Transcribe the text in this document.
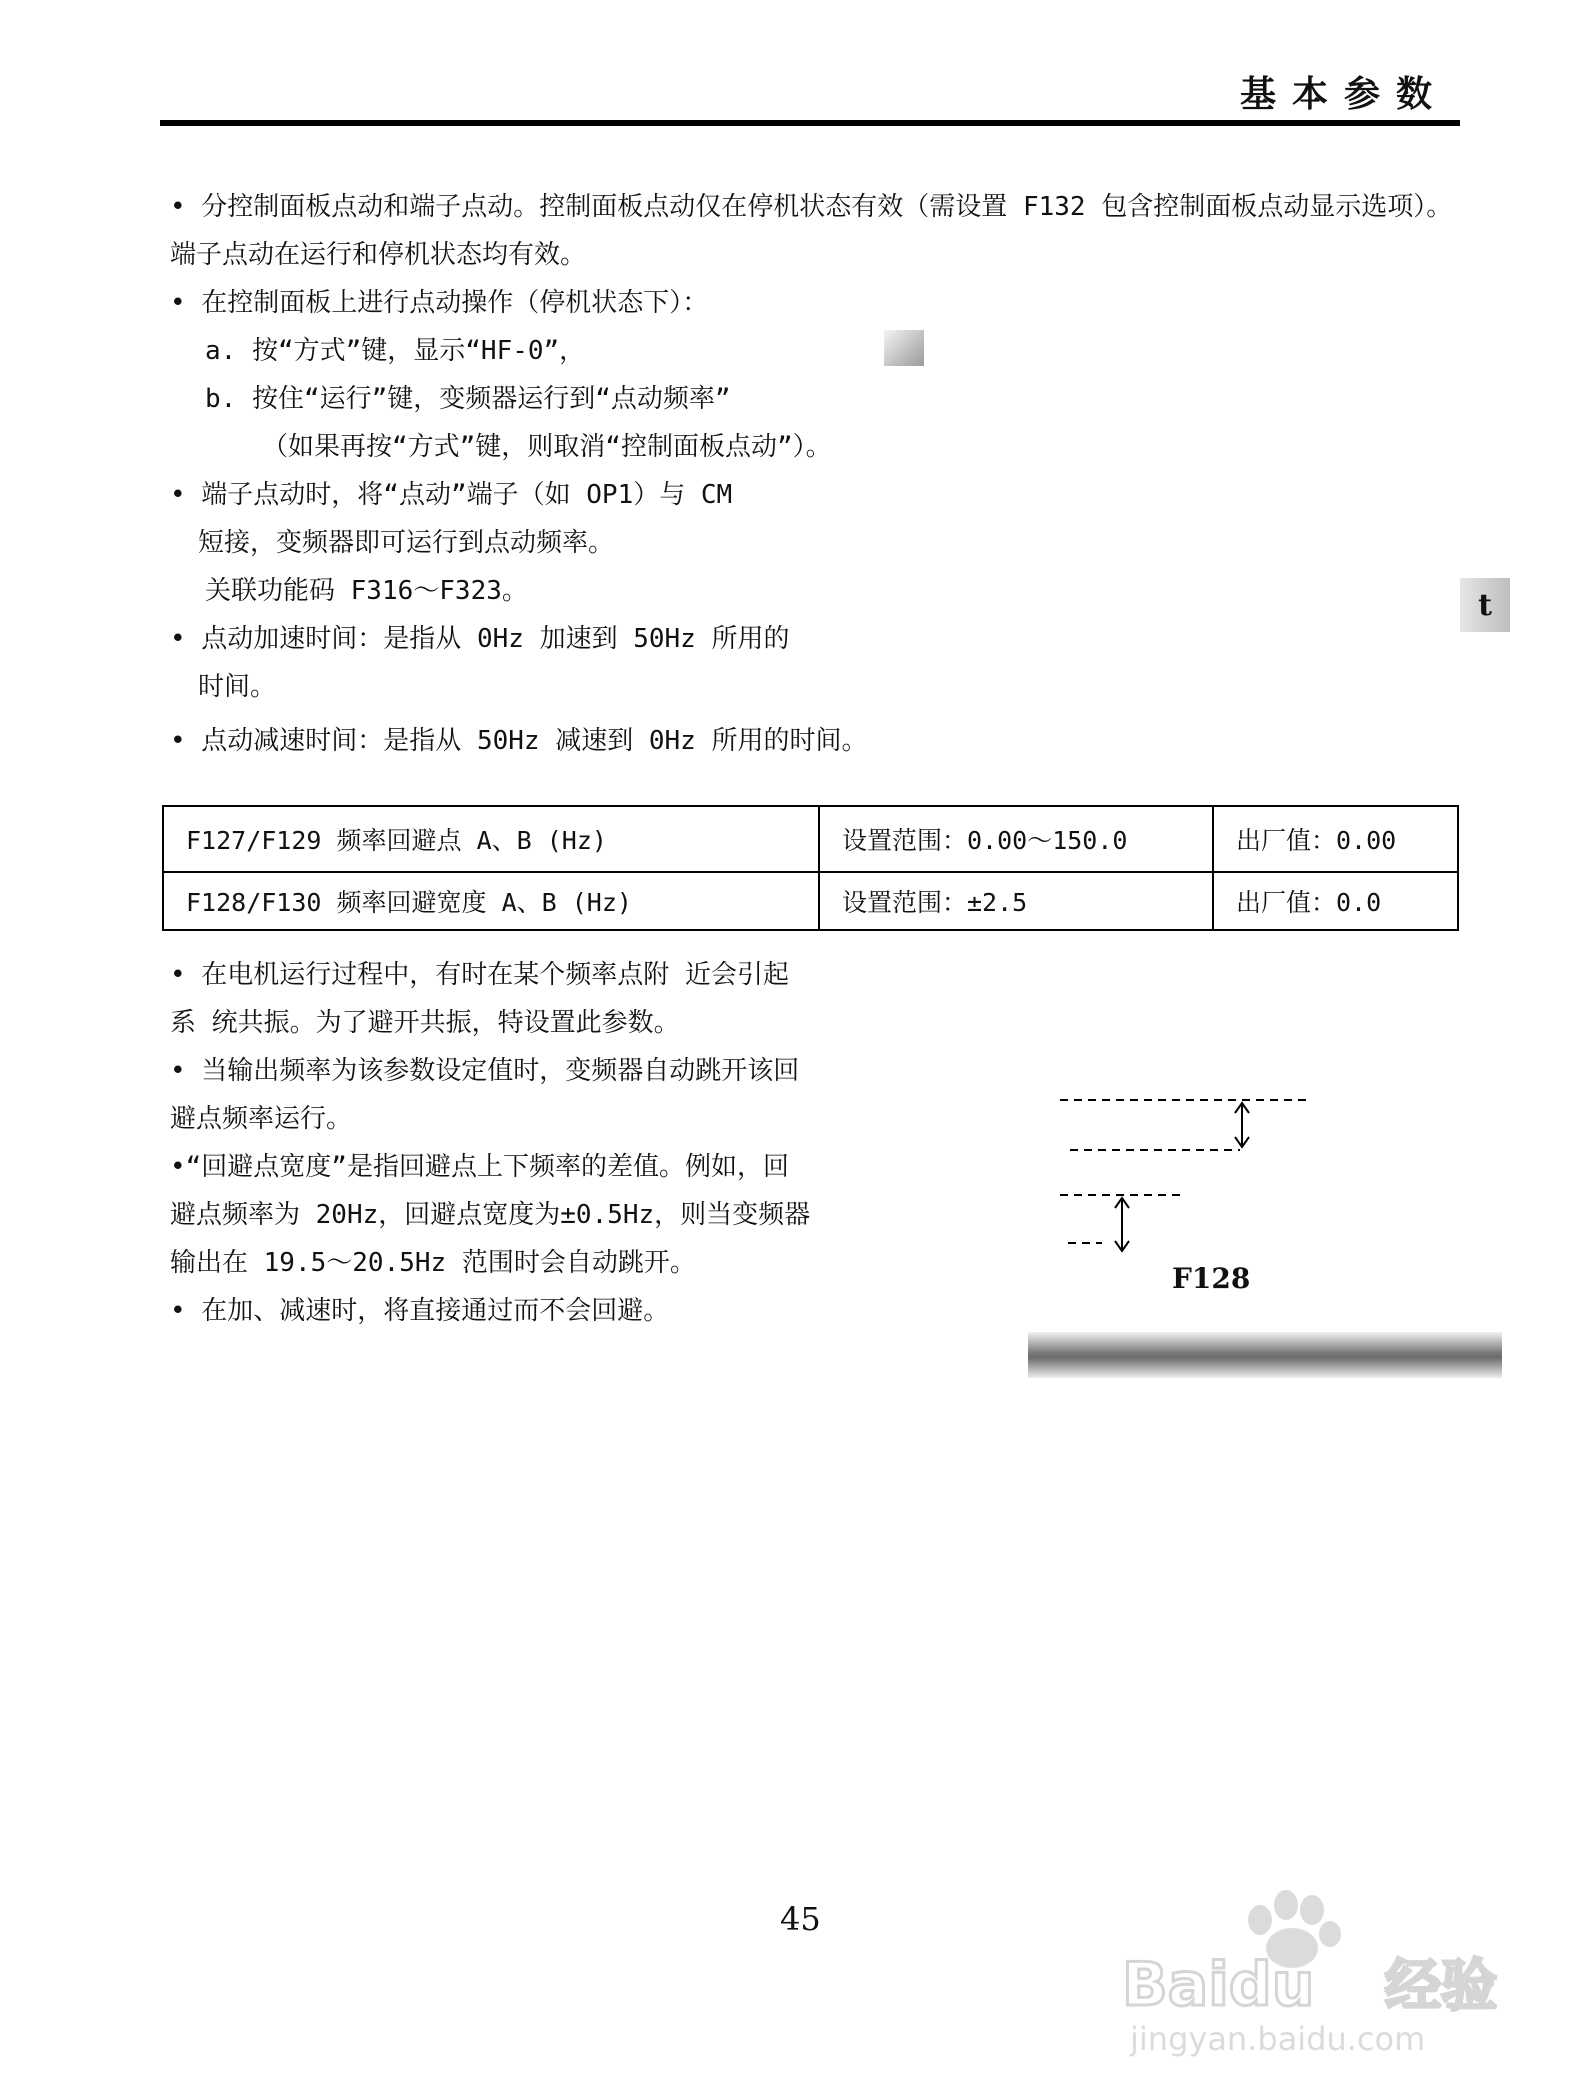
基本参数
• 分控制面板点动和端子点动。控制面板点动仅在停机状态有效（需设置 F132 包含控制面板点动显示选项）。
端子点动在运行和停机状态均有效。
• 在控制面板上进行点动操作（停机状态下）：
a. 按“方式”键，显示“HF-0”，
b. 按住“运行”键，变频器运行到“点动频率”
（如果再按“方式”键，则取消“控制面板点动”）。
• 端子点动时，将“点动”端子（如 OP1）与 CM
短接，变频器即可运行到点动频率。
关联功能码 F316～F323。
• 点动加速时间：是指从 0Hz 加速到 50Hz 所用的
时间。
• 点动减速时间：是指从 50Hz 减速到 0Hz 所用的时间。
t
F127/F129 频率回避点 A、B (Hz)	设置范围：0.00～150.0	出厂值：0.00
F128/F130 频率回避宽度 A、B (Hz)	设置范围：±2.5	出厂值：0.0
• 在电机运行过程中，有时在某个频率点附 近会引起
系 统共振。为了避开共振，特设置此参数。
• 当输出频率为该参数设定值时，变频器自动跳开该回
避点频率运行。
•“回避点宽度”是指回避点上下频率的差值。例如，回
避点频率为 20Hz，回避点宽度为±0.5Hz，则当变频器
输出在 19.5～20.5Hz 范围时会自动跳开。
• 在加、减速时，将直接通过而不会回避。
F128
45
Baidu 经验
jingyan.baidu.com
